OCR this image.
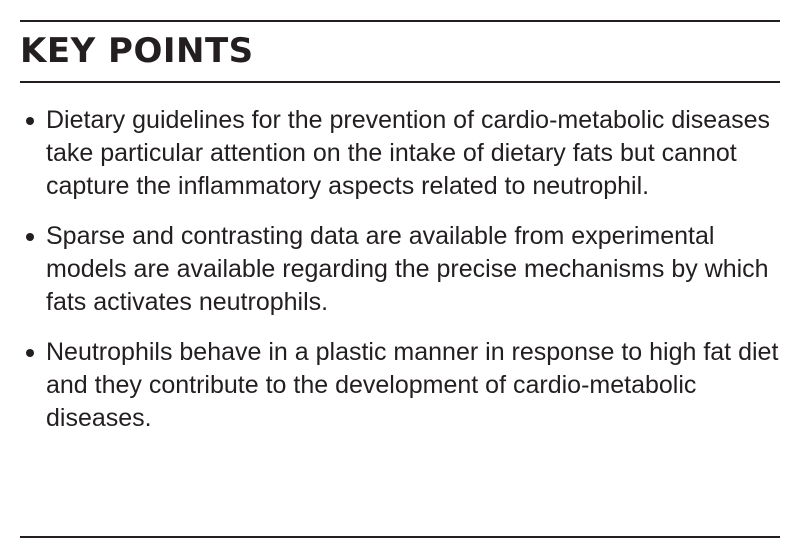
KEY POINTS
Dietary guidelines for the prevention of cardio-metabolic diseases take particular attention on the intake of dietary fats but cannot capture the inflammatory aspects related to neutrophil.
Sparse and contrasting data are available from experimental models are available regarding the precise mechanisms by which fats activates neutrophils.
Neutrophils behave in a plastic manner in response to high fat diet and they contribute to the development of cardio-metabolic diseases.
